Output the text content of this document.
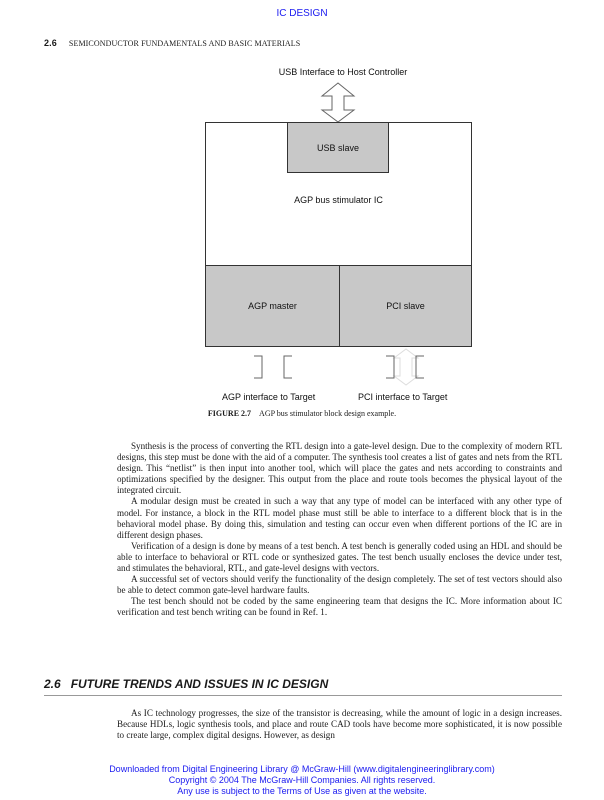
IC DESIGN
2.6 SEMICONDUCTOR FUNDAMENTALS AND BASIC MATERIALS
USB Interface to Host Controller
USB slave
AGP bus stimulator IC
AGP master	PCI slave
AGP interface to Target	PCI interface to Target
FIGURE 2.7 AGP bus stimulator block design example.

Synthesis is the process of converting the RTL design into a gate-level design. Due to the complexity of modern RTL designs, this step must be done with the aid of a computer. The synthesis tool creates a list of gates and nets from the RTL design. This “netlist” is then input into another tool, which will place the gates and nets according to constraints and optimizations specified by the designer. This output from the place and route tools becomes the physical layout of the integrated circuit.

A modular design must be created in such a way that any type of model can be interfaced with any other type of model. For instance, a block in the RTL model phase must still be able to interface to a different block that is in the behavioral model phase. By doing this, simulation and testing can occur even when different portions of the IC are in different design phases.

Verification of a design is done by means of a test bench. A test bench is generally coded using an HDL and should be able to interface to behavioral or RTL code or synthesized gates. The test bench usually encloses the device under test, and stimulates the behavioral, RTL, and gate-level designs with vectors.

A successful set of vectors should verify the functionality of the design completely. The set of test vectors should also be able to detect common gate-level hardware faults.

The test bench should not be coded by the same engineering team that designs the IC. More information about IC verification and test bench writing can be found in Ref. 1.

2.6 FUTURE TRENDS AND ISSUES IN IC DESIGN

As IC technology progresses, the size of the transistor is decreasing, while the amount of logic in a design increases. Because HDLs, logic synthesis tools, and place and route CAD tools have become more sophisticated, it is now possible to create large, complex digital designs. However, as design

Downloaded from Digital Engineering Library @ McGraw-Hill (www.digitalengineeringlibrary.com)
Copyright © 2004 The McGraw-Hill Companies. All rights reserved.
Any use is subject to the Terms of Use as given at the website.
